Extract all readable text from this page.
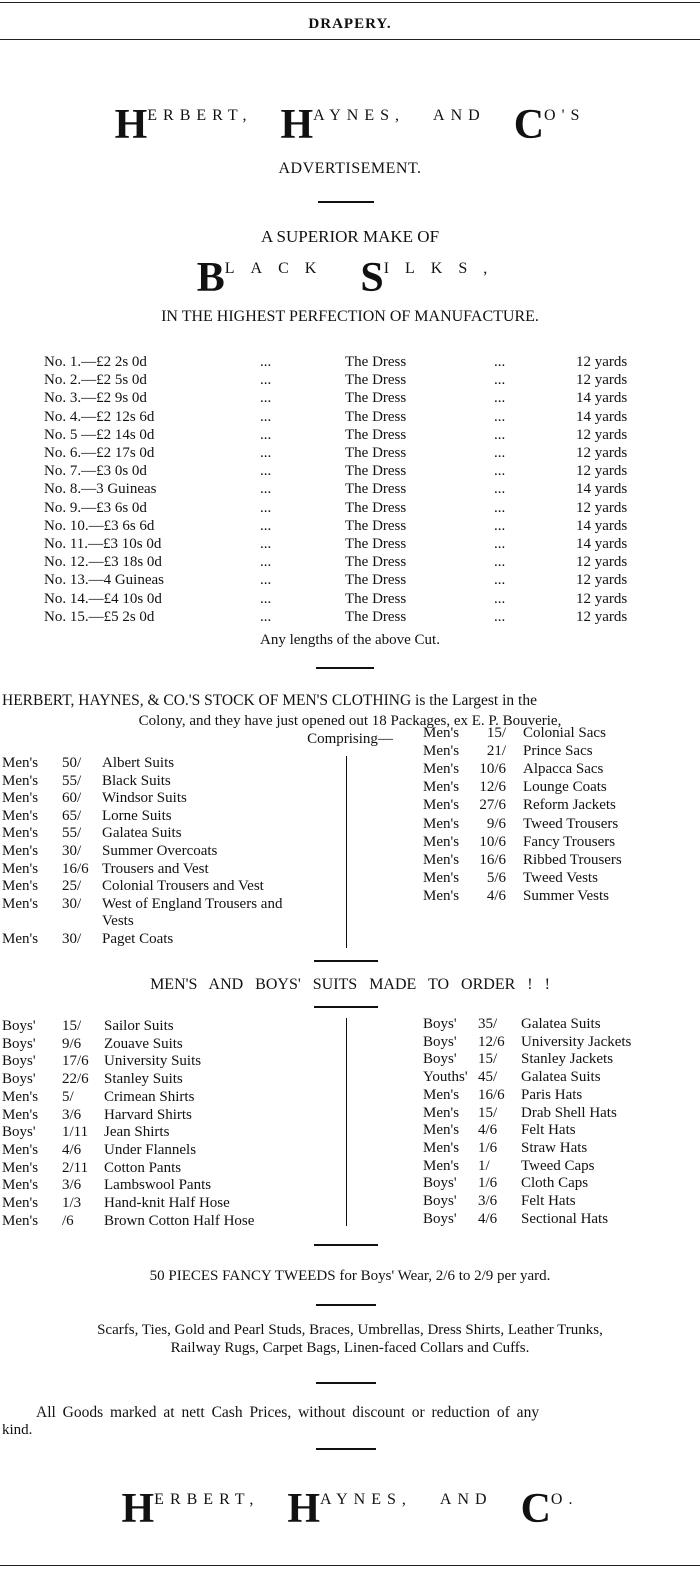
DRAPERY.
HERBERT, HAYNES, AND CO'S
ADVERTISEMENT.
A SUPERIOR MAKE OF
BLACK SILKS,
IN THE HIGHEST PERFECTION OF MANUFACTURE.
No. 1.—£2 2s 0d	...	The Dress	...	12 yards
No. 2.—£2 5s 0d	...	The Dress	...	12 yards
No. 3.—£2 9s 0d	...	The Dress	...	14 yards
No. 4.—£2 12s 6d	...	The Dress	...	14 yards
No. 5 —£2 14s 0d	...	The Dress	...	12 yards
No. 6.—£2 17s 0d	...	The Dress	...	12 yards
No. 7.—£3 0s 0d	...	The Dress	...	12 yards
No. 8.—3 Guineas	...	The Dress	...	14 yards
No. 9.—£3 6s 0d	...	The Dress	...	12 yards
No. 10.—£3 6s 6d	...	The Dress	...	14 yards
No. 11.—£3 10s 0d	...	The Dress	...	14 yards
No. 12.—£3 18s 0d	...	The Dress	...	12 yards
No. 13.—4 Guineas	...	The Dress	...	12 yards
No. 14.—£4 10s 0d	...	The Dress	...	12 yards
No. 15.—£5 2s 0d	...	The Dress	...	12 yards
Any lengths of the above Cut.
HERBERT, HAYNES, & CO.'S STOCK OF MEN'S CLOTHING is the Largest in the
Colony, and they have just opened out 18 Packages, ex E. P. Bouverie,
Comprising—
Men's 50/ Albert Suits
Men's 55/ Black Suits
Men's 60/ Windsor Suits
Men's 65/ Lorne Suits
Men's 55/ Galatea Suits
Men's 30/ Summer Overcoats
Men's 16/6 Trousers and Vest
Men's 25/ Colonial Trousers and Vest
Men's 30/ West of England Trousers and
Vests
Men's 30/ Paget Coats
Men's	15/ Colonial Sacs
Men's	21/ Prince Sacs
Men's	10/6 Alpacca Sacs
Men's	12/6 Lounge Coats
Men's	27/6 Reform Jackets
Men's	9/6 Tweed Trousers
Men's	10/6 Fancy Trousers
Men's	16/6 Ribbed Trousers
Men's	5/6 Tweed Vests
Men's	4/6 Summer Vests
MEN'S AND BOYS' SUITS MADE TO ORDER ! !
Boys' 15/ Sailor Suits
Boys' 9/6 Zouave Suits
Boys' 17/6 University Suits
Boys' 22/6 Stanley Suits
Men's 5/ Crimean Shirts
Men's 3/6 Harvard Shirts
Boys' 1/11 Jean Shirts
Men's 4/6 Under Flannels
Men's 2/11 Cotton Pants
Men's 3/6 Lambswool Pants
Men's 1/3 Hand-knit Half Hose
Men's /6 Brown Cotton Half Hose
Boys' 35/ Galatea Suits
Boys' 12/6 University Jackets
Boys' 15/ Stanley Jackets
Youths' 45/ Galatea Suits
Men's 16/6 Paris Hats
Men's 15/ Drab Shell Hats
Men's 4/6 Felt Hats
Men's 1/6 Straw Hats
Men's 1/ Tweed Caps
Boys' 1/6 Cloth Caps
Boys' 3/6 Felt Hats
Boys' 4/6 Sectional Hats
50 PIECES FANCY TWEEDS for Boys' Wear, 2/6 to 2/9 per yard.
Scarfs, Ties, Gold and Pearl Studs, Braces, Umbrellas, Dress Shirts, Leather Trunks,
Railway Rugs, Carpet Bags, Linen-faced Collars and Cuffs.
All Goods marked at nett Cash Prices, without discount or reduction of any
kind.
HERBERT, HAYNES, AND CO.
